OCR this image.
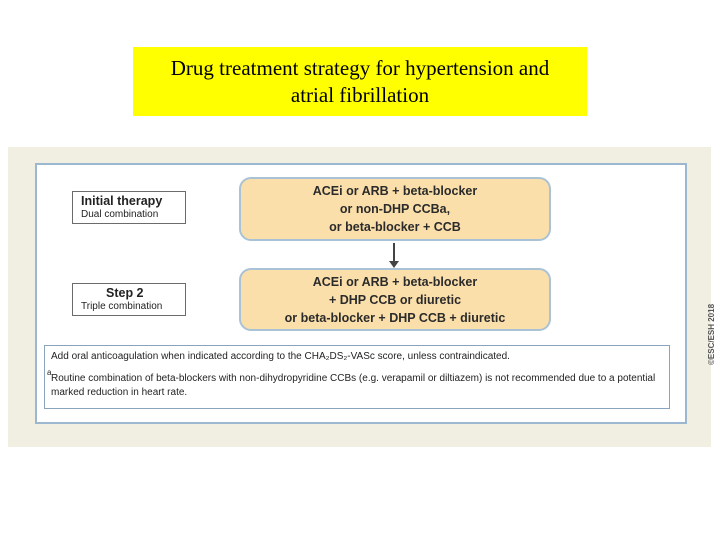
Drug treatment strategy for hypertension and
atrial fibrillation
Initial therapy
Dual combination
ACEi or ARB + beta-blocker
or non-DHP CCBa,
or beta-blocker + CCB
Step 2
Triple combination
ACEi or ARB + beta-blocker
+ DHP CCB or diuretic
or beta-blocker + DHP CCB + diuretic
Add oral anticoagulation when indicated according to the CHA₂DS₂-VASc score, unless contraindicated.
a
Routine combination of beta-blockers with non-dihydropyridine CCBs (e.g. verapamil or diltiazem) is not recommended due to a potential
marked reduction in heart rate.
©ESC/ESH 2018
